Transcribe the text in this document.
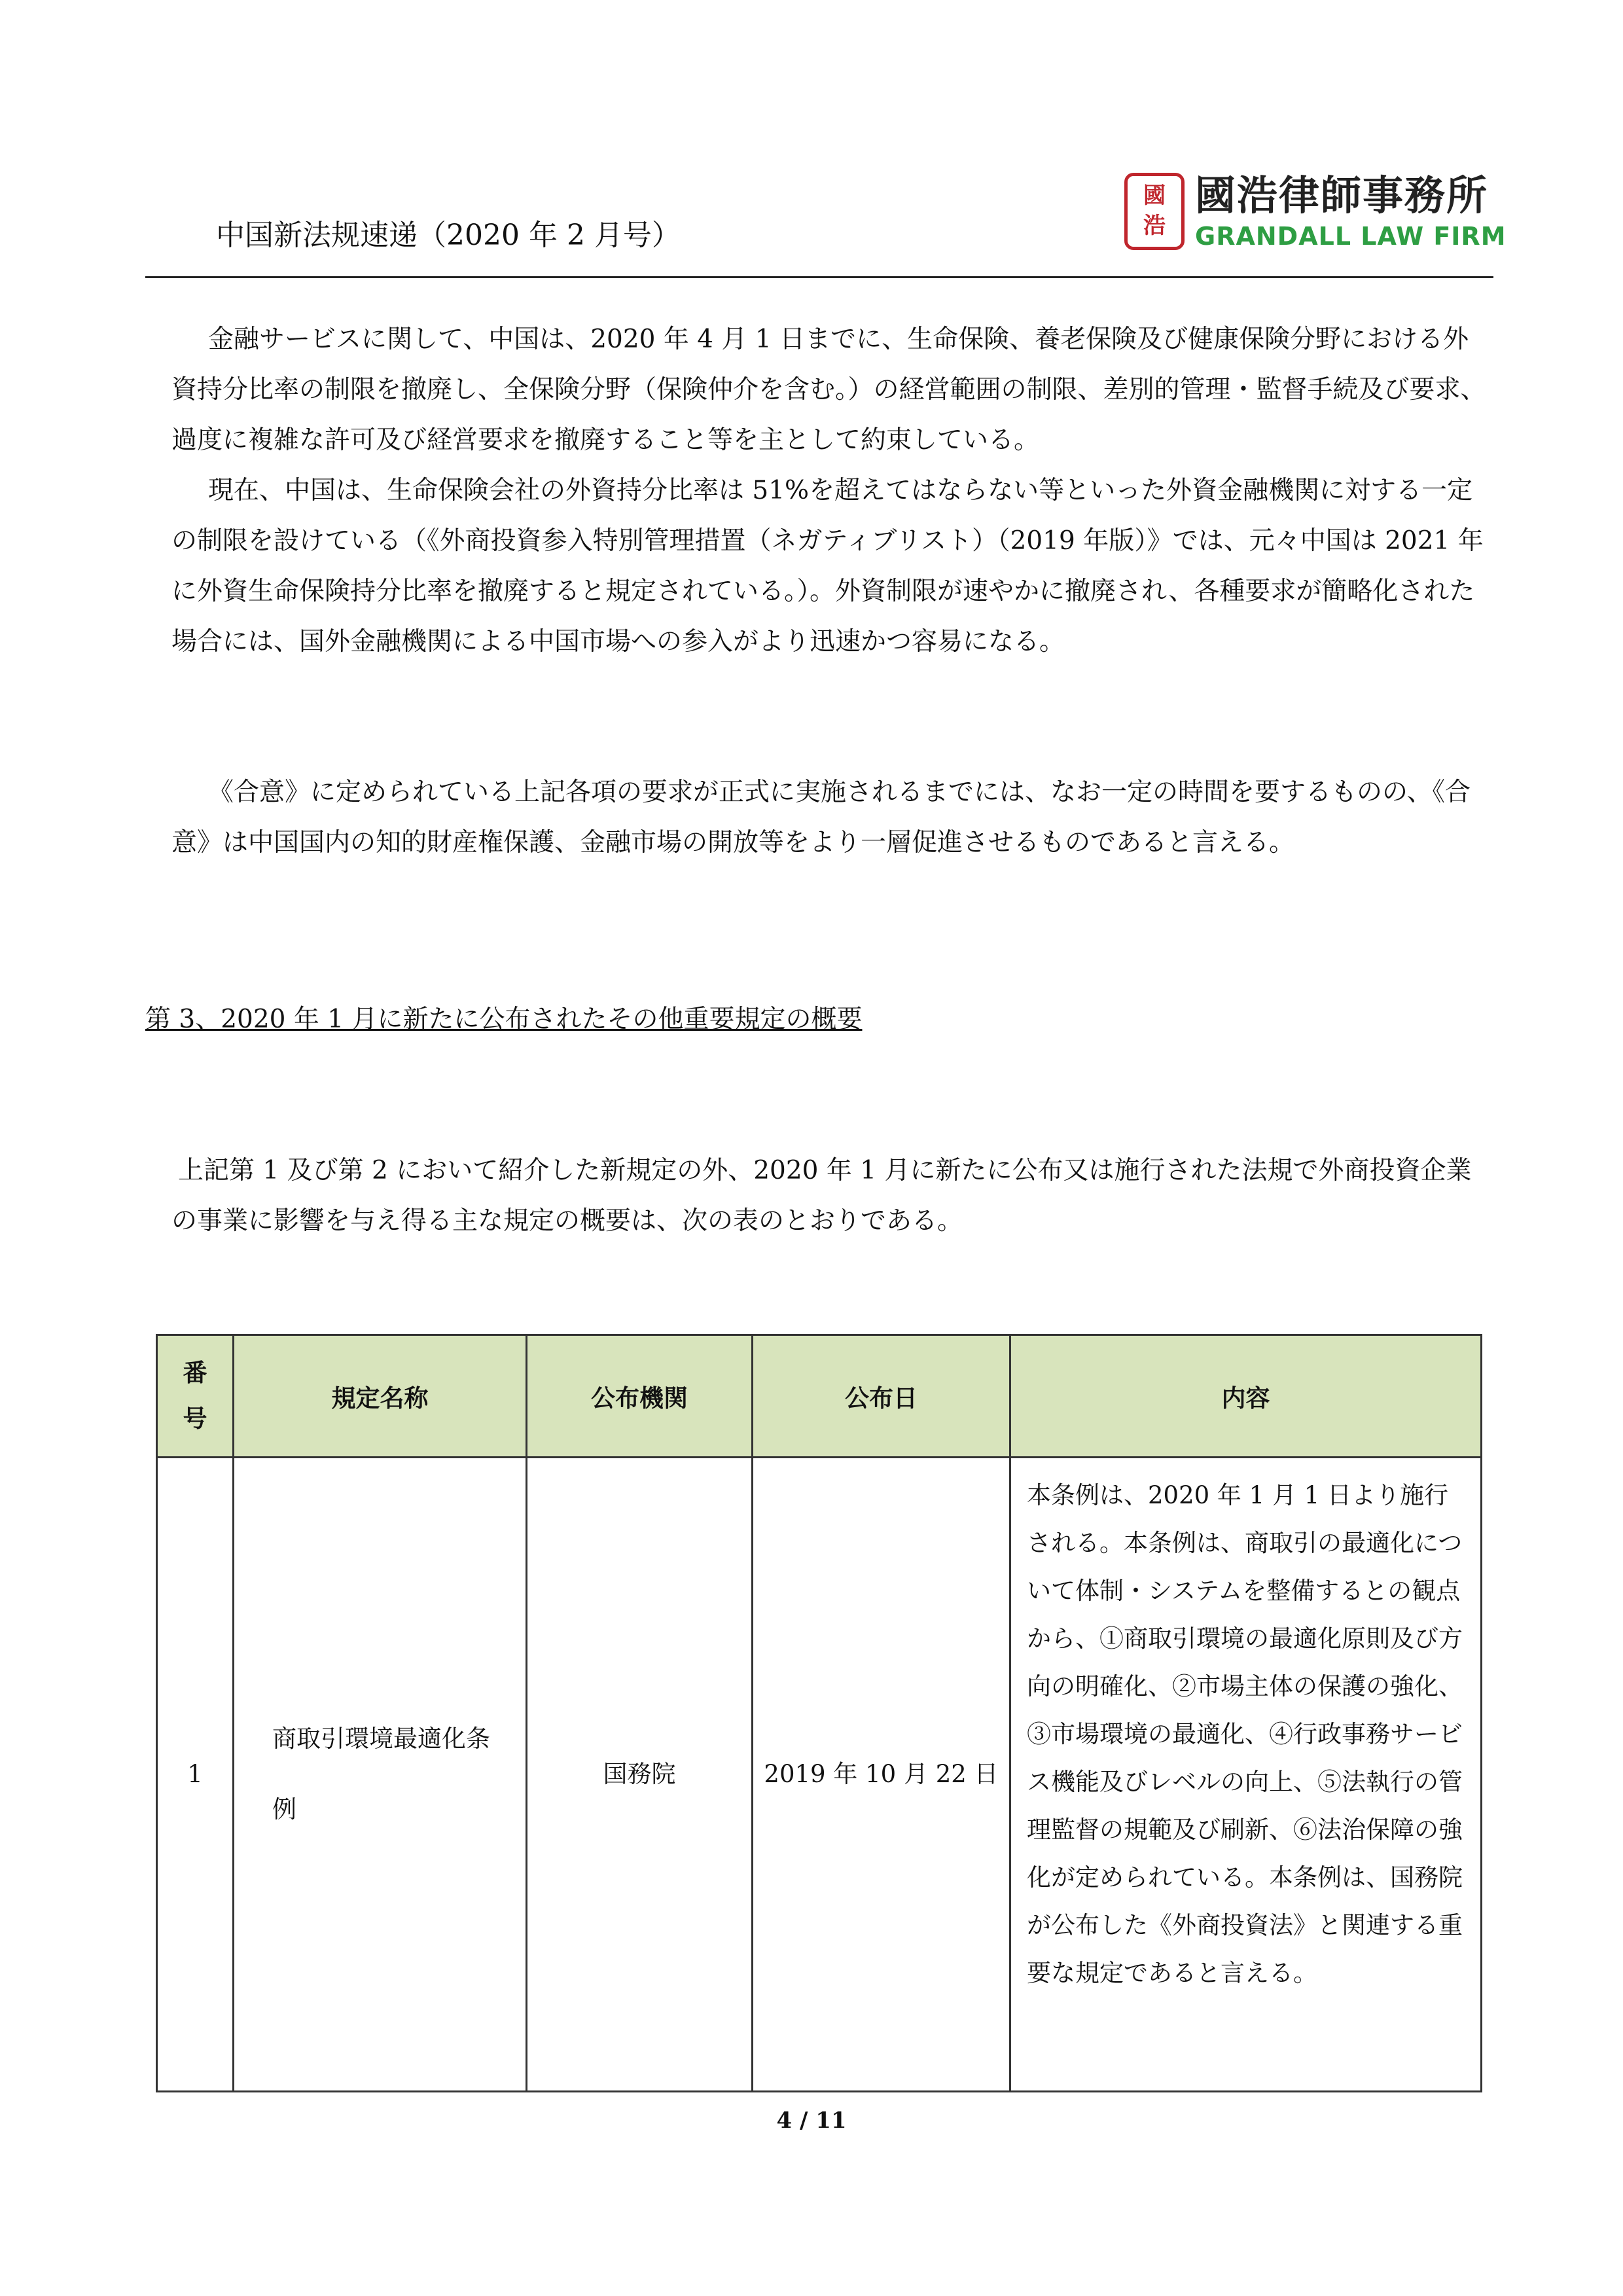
中国新法规速递（2020 年 2 月号）
國
浩
國浩律師事務所
GRANDALL LAW FIRM
金融サービスに関して、中国は、2020 年 4 月 1 日までに、生命保険、養老保険及び健康保険分野における外資持分比率の制限を撤廃し、全保険分野（保険仲介を含む。）の経営範囲の制限、差別的管理・監督手続及び要求、過度に複雑な許可及び経営要求を撤廃すること等を主として約束している。
現在、中国は、生命保険会社の外資持分比率は 51%を超えてはならない等といった外資金融機関に対する一定の制限を設けている（《外商投資参入特別管理措置（ネガティブリスト）（2019 年版）》では、元々中国は 2021 年に外資生命保険持分比率を撤廃すると規定されている。）。外資制限が速やかに撤廃され、各種要求が簡略化された場合には、国外金融機関による中国市場への参入がより迅速かつ容易になる。
《合意》に定められている上記各項の要求が正式に実施されるまでには、なお一定の時間を要するものの、《合意》は中国国内の知的財産権保護、金融市場の開放等をより一層促進させるものであると言える。
第 3、2020 年 1 月に新たに公布されたその他重要規定の概要
上記第 1 及び第 2 において紹介した新規定の外、2020 年 1 月に新たに公布又は施行された法規で外商投資企業の事業に影響を与え得る主な規定の概要は、次の表のとおりである。
番
号	規定名称	公布機関	公布日	内容
1	商取引環境最適化条例	国務院	2019 年 10 月 22 日	本条例は、2020 年 1 月 1 日より施行される。本条例は、商取引の最適化について体制・システムを整備するとの観点から、①商取引環境の最適化原則及び方向の明確化、②市場主体の保護の強化、③市場環境の最適化、④行政事務サービス機能及びレベルの向上、⑤法執行の管理監督の規範及び刷新、⑥法治保障の強化が定められている。本条例は、国務院が公布した《外商投資法》と関連する重要な規定であると言える。
4 / 11
